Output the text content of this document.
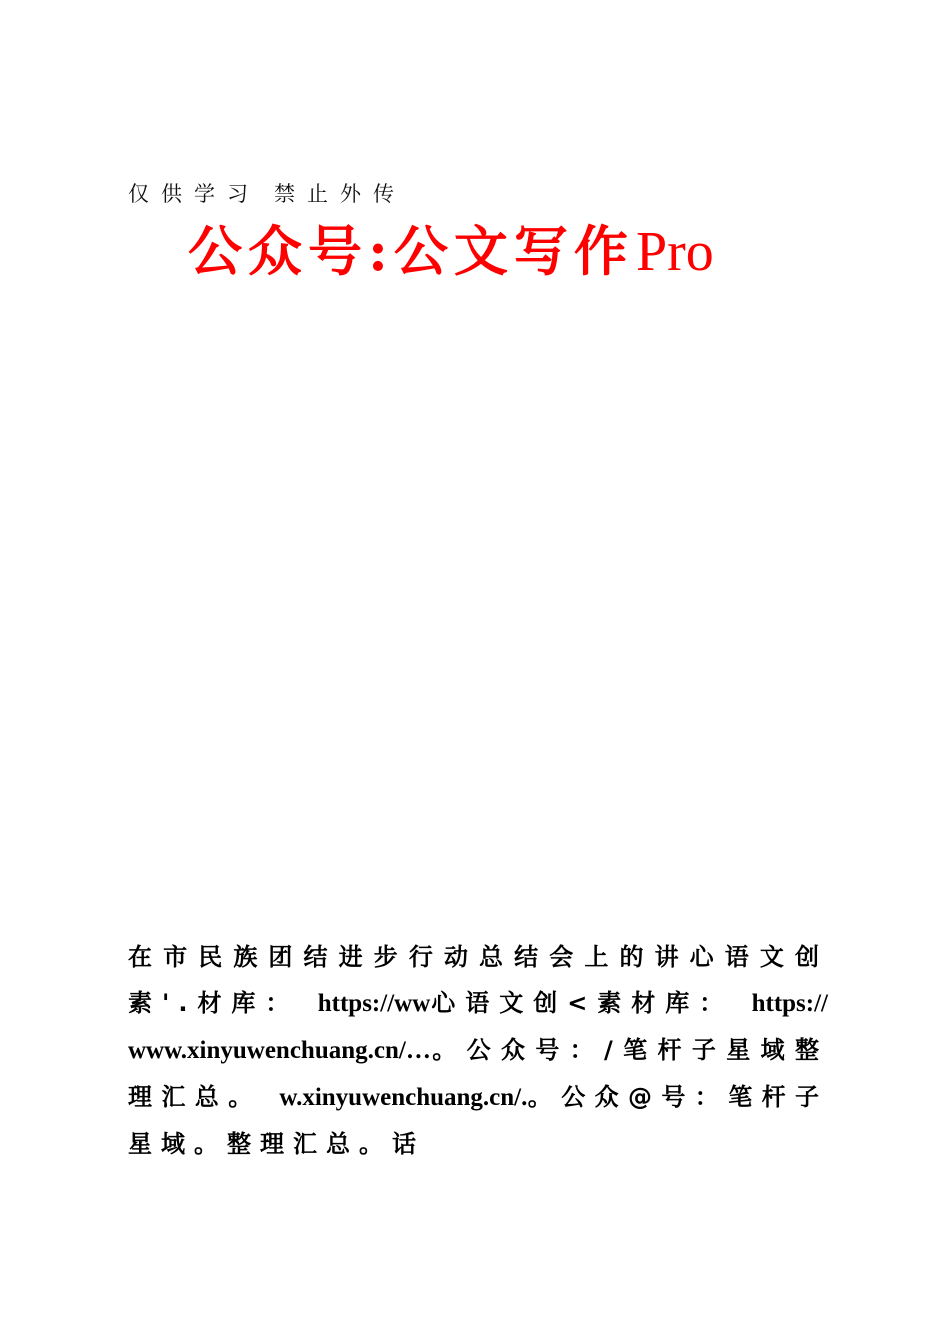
仅供学习 禁止外传
公众号:公文写作Pro
在市民族团结进步行动总结会上的讲心语文创素'.材库： https://ww心语文创<素材库： https://www.xinyuwenchuang.cn/…。公众号：/笔杆子星域整理汇总。 w.xinyuwenchuang.cn/.。公众@号：笔杆子星域。整理汇总。话
